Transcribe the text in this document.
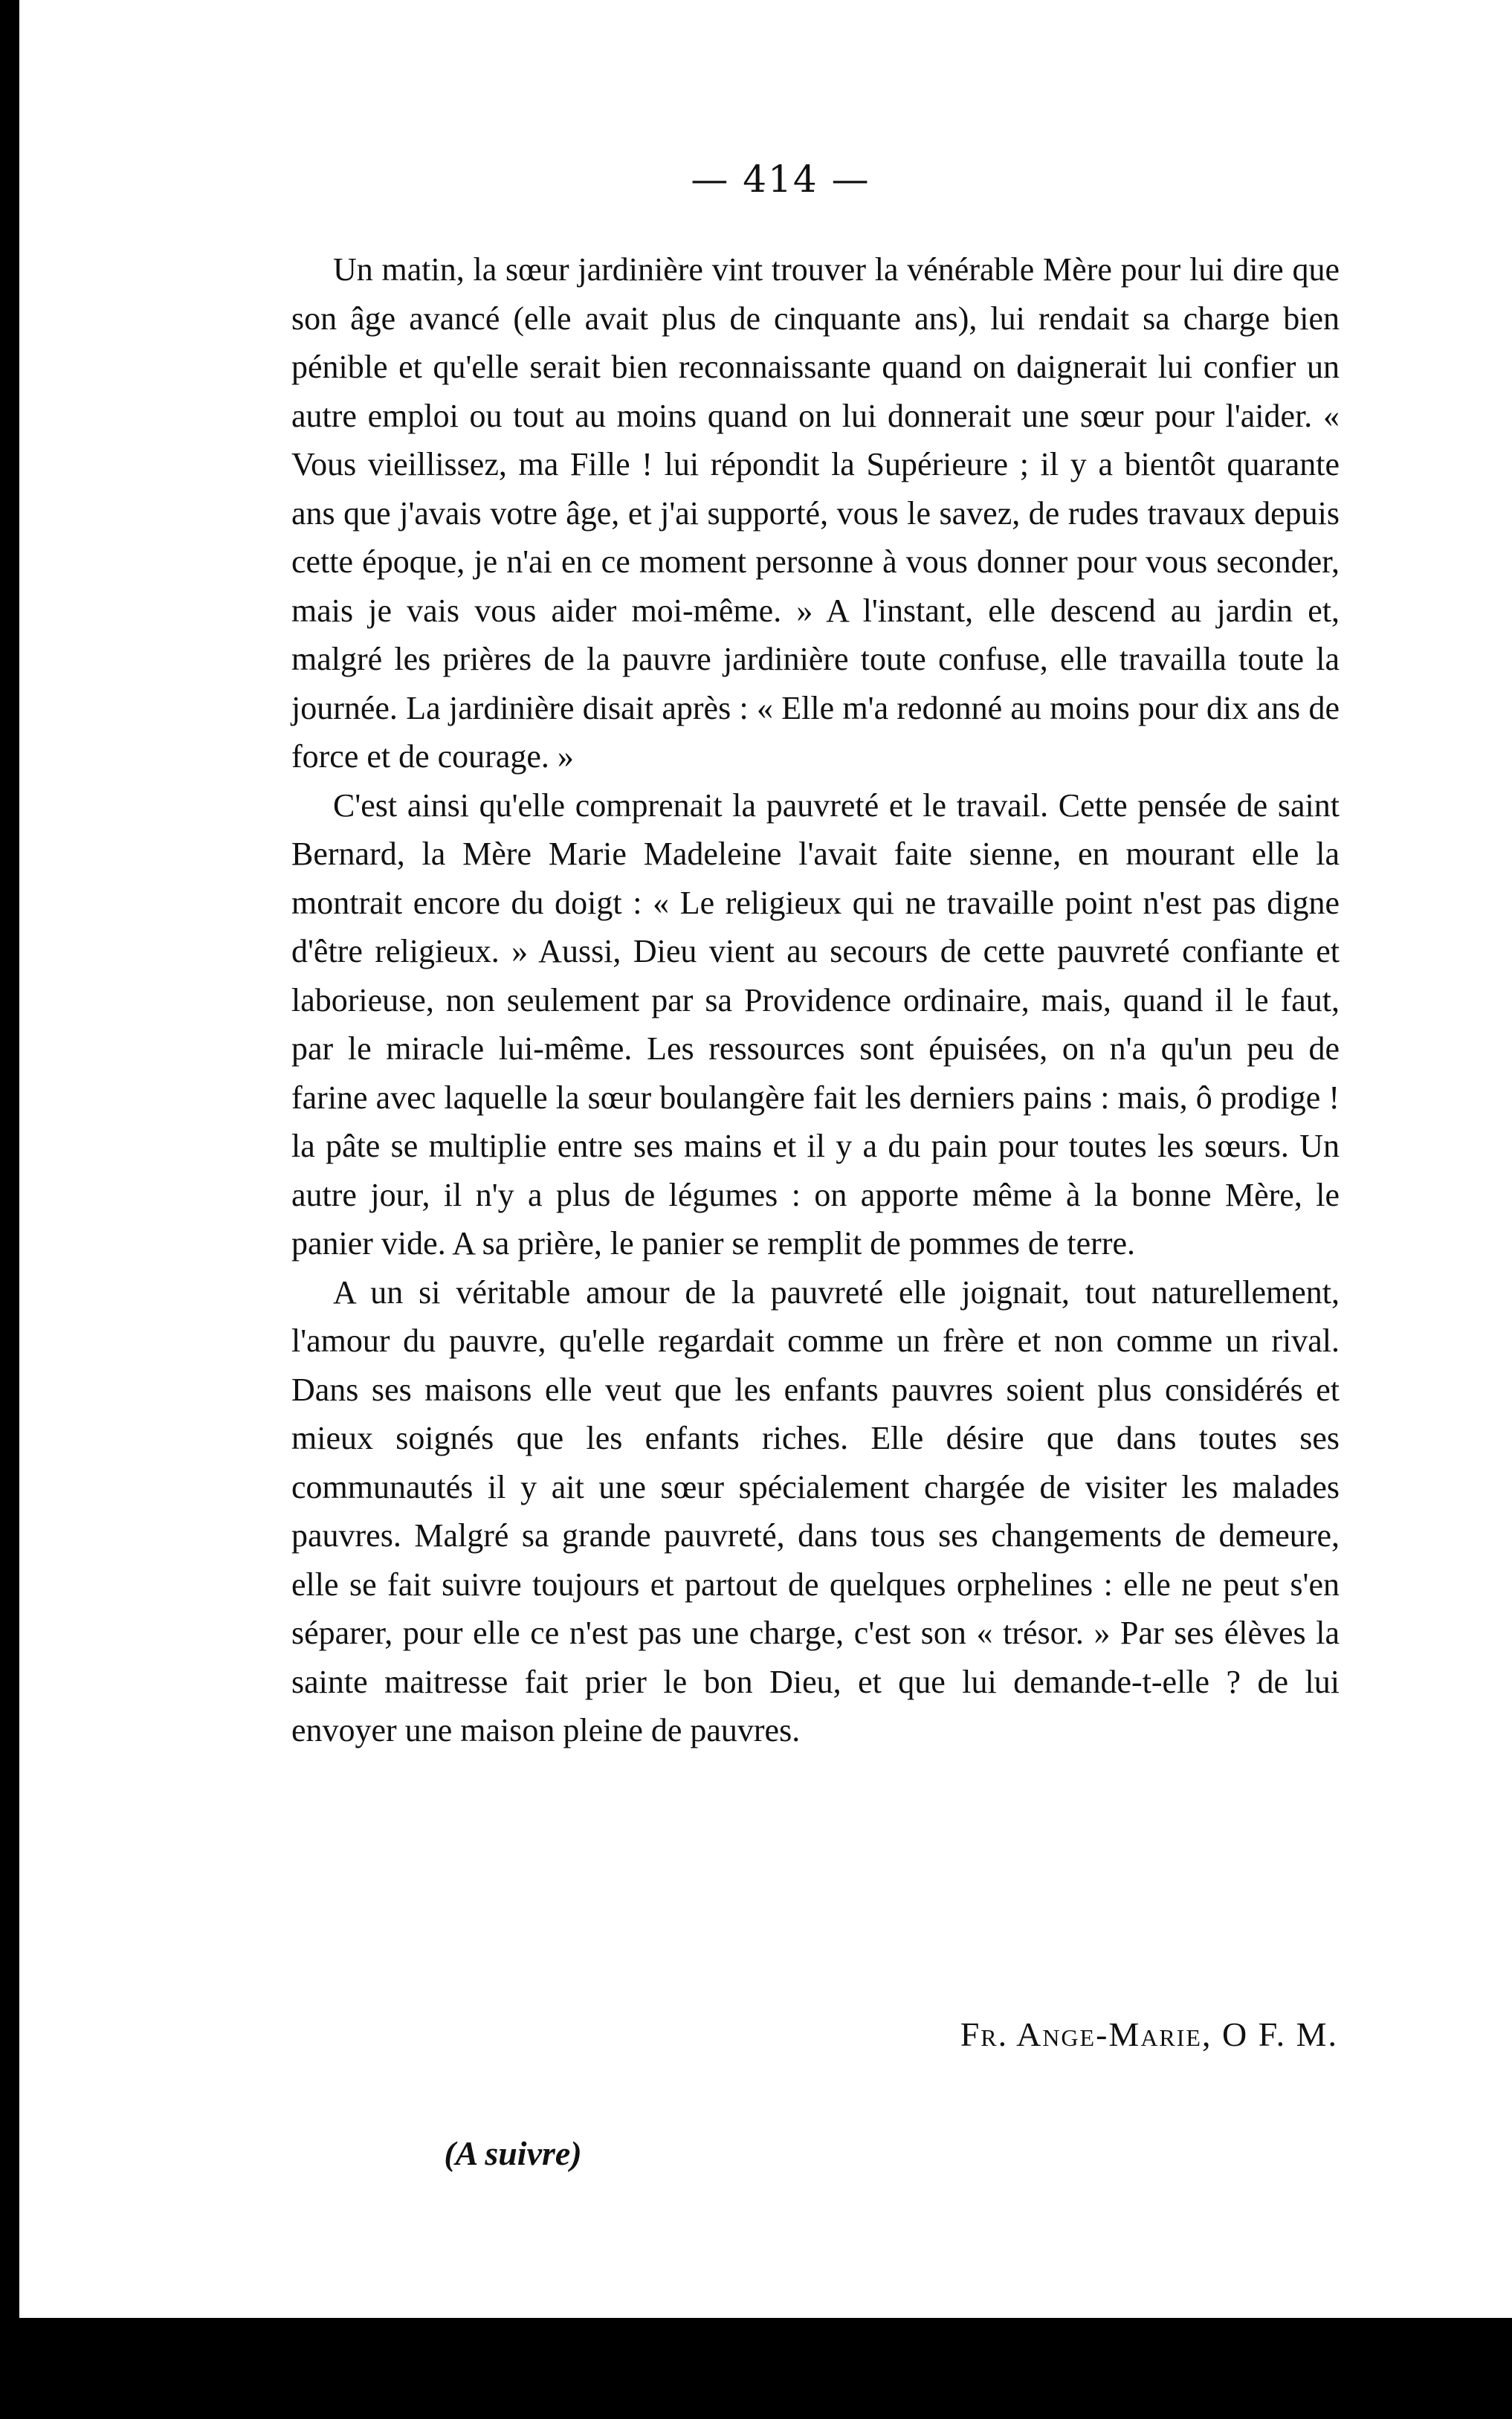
— 414 —

Un matin, la sœur jardinière vint trouver la vénérable Mère pour lui dire que son âge avancé (elle avait plus de cinquante ans), lui rendait sa charge bien pénible et qu'elle serait bien reconnaissante quand on daignerait lui confier un autre emploi ou tout au moins quand on lui donnerait une sœur pour l'aider. « Vous vieillissez, ma Fille ! lui répondit la Supérieure ; il y a bientôt quarante ans que j'avais votre âge, et j'ai supporté, vous le savez, de rudes travaux depuis cette époque, je n'ai en ce moment personne à vous donner pour vous seconder, mais je vais vous aider moi-même. » A l'instant, elle descend au jardin et, malgré les prières de la pauvre jardinière toute confuse, elle travailla toute la journée. La jardinière disait après : « Elle m'a redonné au moins pour dix ans de force et de courage. »

C'est ainsi qu'elle comprenait la pauvreté et le travail. Cette pensée de saint Bernard, la Mère Marie Madeleine l'avait faite sienne, en mourant elle la montrait encore du doigt : « Le religieux qui ne travaille point n'est pas digne d'être religieux. » Aussi, Dieu vient au secours de cette pauvreté confiante et laborieuse, non seulement par sa Providence ordinaire, mais, quand il le faut, par le miracle lui-même. Les ressources sont épuisées, on n'a qu'un peu de farine avec laquelle la sœur boulangère fait les derniers pains : mais, ô prodige ! la pâte se multiplie entre ses mains et il y a du pain pour toutes les sœurs. Un autre jour, il n'y a plus de légumes : on apporte même à la bonne Mère, le panier vide. A sa prière, le panier se remplit de pommes de terre.

A un si véritable amour de la pauvreté elle joignait, tout naturellement, l'amour du pauvre, qu'elle regardait comme un frère et non comme un rival. Dans ses maisons elle veut que les enfants pauvres soient plus considérés et mieux soignés que les enfants riches. Elle désire que dans toutes ses communautés il y ait une sœur spécialement chargée de visiter les malades pauvres. Malgré sa grande pauvreté, dans tous ses changements de demeure, elle se fait suivre toujours et partout de quelques orphelines : elle ne peut s'en séparer, pour elle ce n'est pas une charge, c'est son « trésor. » Par ses élèves la sainte maitresse fait prier le bon Dieu, et que lui demande-t-elle ? de lui envoyer une maison pleine de pauvres.

Fr. Ange-Marie, O F. M.
(A suivre)
